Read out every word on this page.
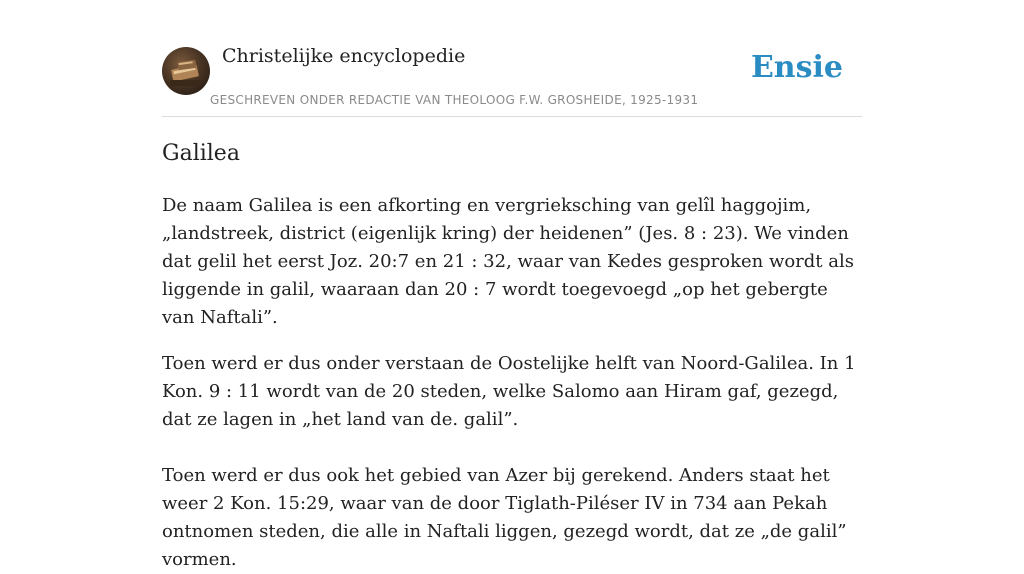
Christelijke encyclopedie
GESCHREVEN ONDER REDACTIE VAN THEOLOOG F.W. GROSHEIDE, 1925-1931
Ensie
Galilea

De naam Galilea is een afkorting en vergrieksching van gelîl haggojim, „landstreek, district (eigenlijk kring) der heidenen” (Jes. 8 : 23). We vinden dat gelil het eerst Joz. 20:7 en 21 : 32, waar van Kedes gesproken wordt als liggende in galil, waaraan dan 20 : 7 wordt toegevoegd „op het gebergte van Naftali”.

Toen werd er dus onder verstaan de Oostelijke helft van Noord-Galilea. In 1 Kon. 9 : 11 wordt van de 20 steden, welke Salomo aan Hiram gaf, gezegd, dat ze lagen in „het land van de. galil”.

Toen werd er dus ook het gebied van Azer bij gerekend. Anders staat het weer 2 Kon. 15:29, waar van de door Tiglath-Piléser IV in 734 aan Pekah ontnomen steden, die alle in Naftali liggen, gezegd wordt, dat ze „de galil” vormen.
